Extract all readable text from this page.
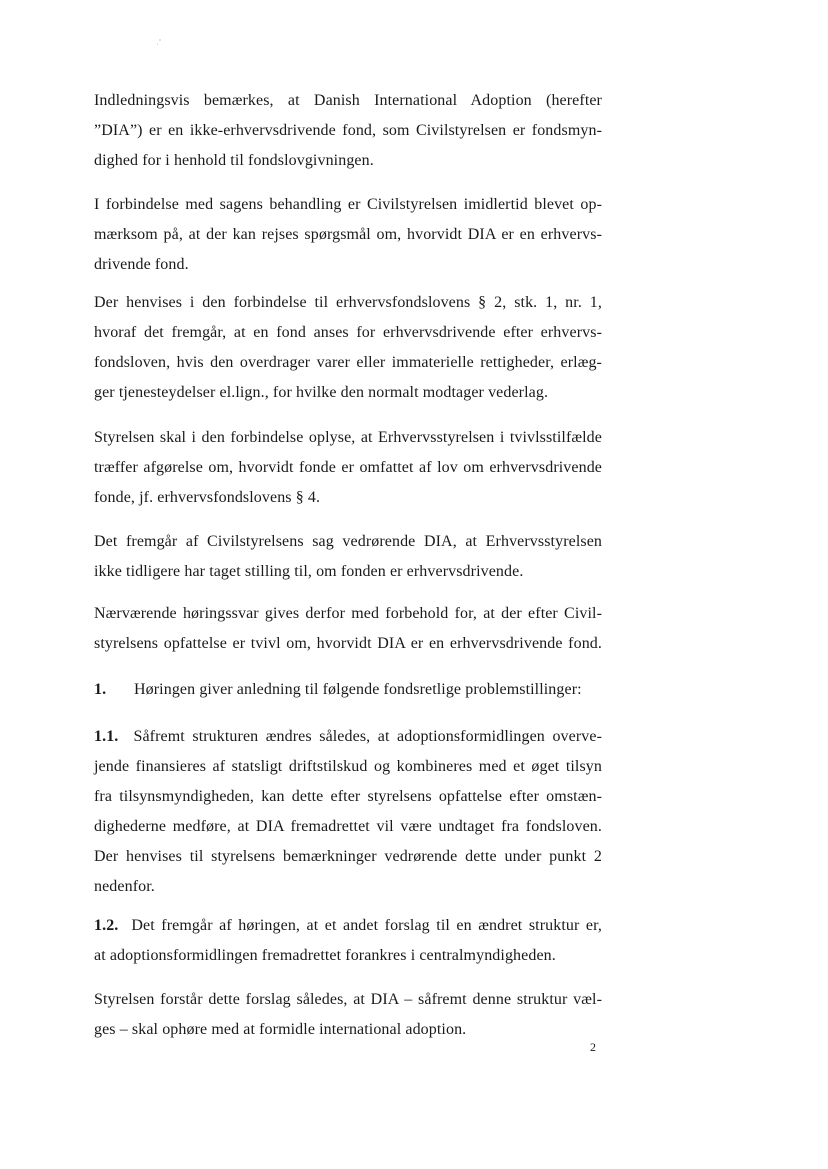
Indledningsvis bemærkes, at Danish International Adoption (herefter
”DIA”) er en ikke-erhvervsdrivende fond, som Civilstyrelsen er fondsmyn-
dighed for i henhold til fondslovgivningen.

I forbindelse med sagens behandling er Civilstyrelsen imidlertid blevet op-
mærksom på, at der kan rejses spørgsmål om, hvorvidt DIA er en erhvervs-
drivende fond.

Der henvises i den forbindelse til erhvervsfondslovens § 2, stk. 1, nr. 1,
hvoraf det fremgår, at en fond anses for erhvervsdrivende efter erhvervs-
fondsloven, hvis den overdrager varer eller immaterielle rettigheder, erlæg-
ger tjenesteydelser el.lign., for hvilke den normalt modtager vederlag.

Styrelsen skal i den forbindelse oplyse, at Erhvervsstyrelsen i tvivlsstilfælde
træffer afgørelse om, hvorvidt fonde er omfattet af lov om erhvervsdrivende
fonde, jf. erhvervsfondslovens § 4.

Det fremgår af Civilstyrelsens sag vedrørende DIA, at Erhvervsstyrelsen
ikke tidligere har taget stilling til, om fonden er erhvervsdrivende.

Nærværende høringssvar gives derfor med forbehold for, at der efter Civil-
styrelsens opfattelse er tvivl om, hvorvidt DIA er en erhvervsdrivende fond.

1. Høringen giver anledning til følgende fondsretlige problemstillinger:

1.1. Såfremt strukturen ændres således, at adoptionsformidlingen overve-
jende finansieres af statsligt driftstilskud og kombineres med et øget tilsyn
fra tilsynsmyndigheden, kan dette efter styrelsens opfattelse efter omstæn-
dighederne medføre, at DIA fremadrettet vil være undtaget fra fondsloven.
Der henvises til styrelsens bemærkninger vedrørende dette under punkt 2
nedenfor.

1.2. Det fremgår af høringen, at et andet forslag til en ændret struktur er,
at adoptionsformidlingen fremadrettet forankres i centralmyndigheden.

Styrelsen forstår dette forslag således, at DIA – såfremt denne struktur væl-
ges – skal ophøre med at formidle international adoption.

2
